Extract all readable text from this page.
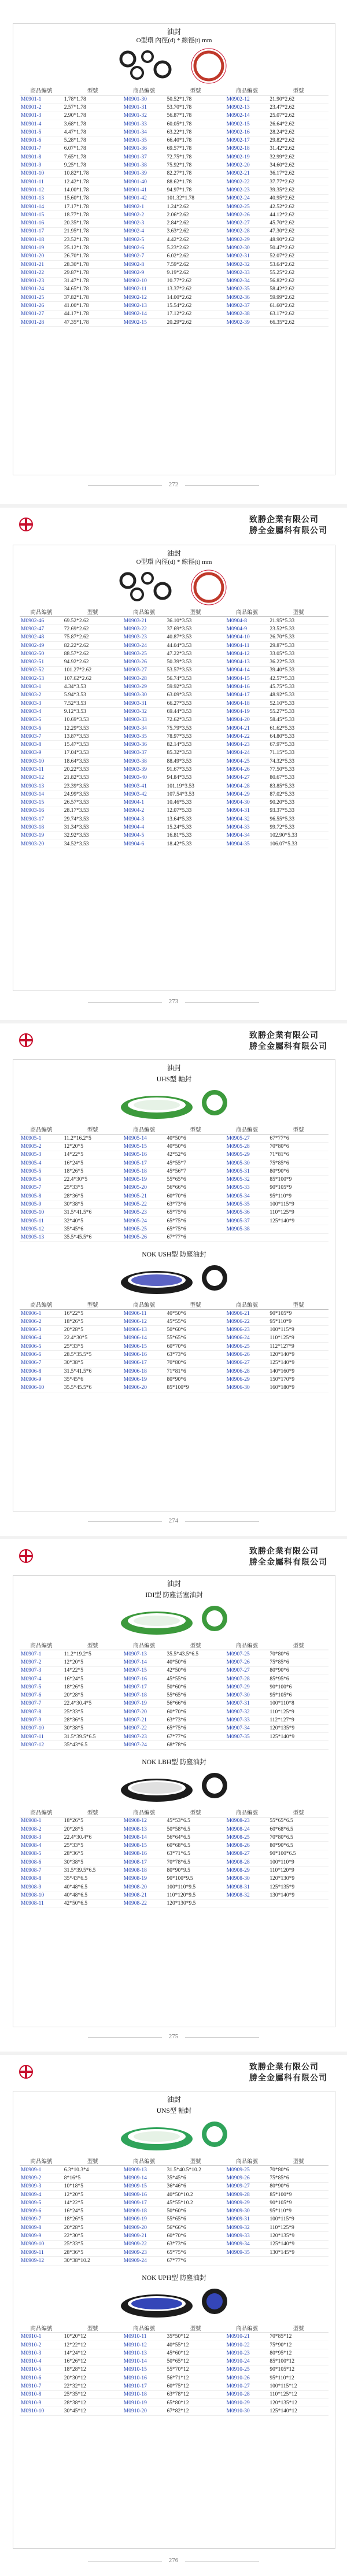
油封
O型環 內徑(d) * 線徑(t) mm
商品編號	型號	商品編號	型號	商品編號	型號
M0901-1	1.78*1.78	M0901-30	50.52*1.78	M0902-12	21.90*2.62
M0901-2	2.57*1.78	M0901-31	53.70*1.78	M0902-13	23.47*2.62
M0901-3	2.90*1.78	M0901-32	56.87*1.78	M0902-14	25.07*2.62
M0901-4	3.68*1.78	M0901-33	60.05*1.78	M0902-15	26.64*2.62
M0901-5	4.47*1.78	M0901-34	63.22*1.78	M0902-16	28.24*2.62
M0901-6	5.28*1.78	M0901-35	66.40*1.78	M0902-17	29.82*2.62
M0901-7	6.07*1.78	M0901-36	69.57*1.78	M0902-18	31.42*2.62
M0901-8	7.65*1.78	M0901-37	72.75*1.78	M0902-19	32.99*2.62
M0901-9	9.25*1.78	M0901-38	75.92*1.78	M0902-20	34.60*2.62
M0901-10	10.82*1.78	M0901-39	82.27*1.78	M0902-21	36.17*2.62
M0901-11	12.42*1.78	M0901-40	88.62*1.78	M0902-22	37.77*2.62
M0901-12	14.00*1.78	M0901-41	94.97*1.78	M0902-23	39.35*2.62
M0901-13	15.60*1.78	M0901-42	101.32*1.78	M0902-24	40.95*2.62
M0901-14	17.17*1.78	M0902-1	1.24*2.62	M0902-25	42.52*2.62
M0901-15	18.77*1.78	M0902-2	2.06*2.62	M0902-26	44.12*2.62
M0901-16	20.35*1.78	M0902-3	2.84*2.62	M0902-27	45.70*2.62
M0901-17	21.95*1.78	M0902-4	3.63*2.62	M0902-28	47.30*2.62
M0901-18	23.52*1.78	M0902-5	4.42*2.62	M0902-29	48.90*2.62
M0901-19	25.12*1.78	M0902-6	5.23*2.62	M0902-30	50.47*2.62
M0901-20	26.70*1.78	M0902-7	6.02*2.62	M0902-31	52.07*2.62
M0901-21	28.30*1.78	M0902-8	7.59*2.62	M0902-32	53.64*2.62
M0901-22	29.87*1.78	M0902-9	9.19*2.62	M0902-33	55.25*2.62
M0901-23	31.47*1.78	M0902-10	10.77*2.62	M0902-34	56.82*2.62
M0901-24	34.65*1.78	M0902-11	13.37*2.62	M0902-35	58.42*2.62
M0901-25	37.82*1.78	M0902-12	14.00*2.62	M0902-36	59.99*2.62
M0901-26	41.00*1.78	M0902-13	15.54*2.62	M0902-37	61.60*2.62
M0901-27	44.17*1.78	M0902-14	17.12*2.62	M0902-38	63.17*2.62
M0901-28	47.35*1.78	M0902-15	20.29*2.62	M0902-39	66.35*2.62
272
致勝企業有限公司
勝全金屬科有限公司
油封
O型環 內徑(d) * 線徑(t) mm
商品編號	型號	商品編號	型號	商品編號	型號
M0902-46	69.52*2.62	M0903-21	36.10*3.53	M0904-8	21.95*5.33
M0902-47	72.69*2.62	M0903-22	37.69*3.53	M0904-9	23.52*5.33
M0902-48	75.87*2.62	M0903-23	40.87*3.53	M0904-10	26.70*5.33
M0902-49	82.22*2.62	M0903-24	44.04*3.53	M0904-11	29.87*5.33
M0902-50	88.57*2.62	M0903-25	47.22*3.53	M0904-12	33.05*5.33
M0902-51	94.92*2.62	M0903-26	50.39*3.53	M0904-13	36.22*5.33
M0902-52	101.27*2.62	M0903-27	53.57*3.53	M0904-14	39.40*5.33
M0902-53	107.62*2.62	M0903-28	56.74*3.53	M0904-15	42.57*5.33
M0903-1	4.34*3.53	M0903-29	59.92*3.53	M0904-16	45.75*5.33
M0903-2	5.94*3.53	M0903-30	63.09*3.53	M0904-17	48.92*5.33
M0903-3	7.52*3.53	M0903-31	66.27*3.53	M0904-18	52.10*5.33
M0903-4	9.12*3.53	M0903-32	69.44*3.53	M0904-19	55.27*5.33
M0903-5	10.69*3.53	M0903-33	72.62*3.53	M0904-20	58.45*5.33
M0903-6	12.29*3.53	M0903-34	75.79*3.53	M0904-21	61.62*5.33
M0903-7	13.87*3.53	M0903-35	78.97*3.53	M0904-22	64.80*5.33
M0903-8	15.47*3.53	M0903-36	82.14*3.53	M0904-23	67.97*5.33
M0903-9	17.04*3.53	M0903-37	85.32*3.53	M0904-24	71.15*5.33
M0903-10	18.64*3.53	M0903-38	88.49*3.53	M0904-25	74.32*5.33
M0903-11	20.22*3.53	M0903-39	91.67*3.53	M0904-26	77.50*5.33
M0903-12	21.82*3.53	M0903-40	94.84*3.53	M0904-27	80.67*5.33
M0903-13	23.39*3.53	M0903-41	101.19*3.53	M0904-28	83.85*5.33
M0903-14	24.99*3.53	M0903-42	107.54*3.53	M0904-29	87.02*5.33
M0903-15	26.57*3.53	M0904-1	10.46*5.33	M0904-30	90.20*5.33
M0903-16	28.17*3.53	M0904-2	12.07*5.33	M0904-31	93.37*5.33
M0903-17	29.74*3.53	M0904-3	13.64*5.33	M0904-32	96.55*5.33
M0903-18	31.34*3.53	M0904-4	15.24*5.33	M0904-33	99.72*5.33
M0903-19	32.92*3.53	M0904-5	16.81*5.33	M0904-34	102.90*5.33
M0903-20	34.52*3.53	M0904-6	18.42*5.33	M0904-35	106.07*5.33
273
致勝企業有限公司
勝全金屬科有限公司
油封
UHS型 軸封
商品編號	型號	商品編號	型號	商品編號	型號
M0905-1	11.2*16.2*5	M0905-14	40*50*6	M0905-27	67*77*6
M0905-2	12*20*5	M0905-15	40*50*6	M0905-28	70*80*6
M0905-3	14*22*5	M0905-16	42*52*6	M0905-29	71*81*6
M0905-4	16*24*5	M0905-17	45*55*7	M0905-30	75*85*6
M0905-5	18*26*5	M0905-18	45*56*7	M0905-31	80*90*6
M0905-6	22.4*30*5	M0905-19	55*65*6	M0905-32	85*100*9
M0905-7	25*33*5	M0905-20	56*66*6	M0905-33	90*105*9
M0905-8	28*36*5	M0905-21	60*70*6	M0905-34	95*110*9
M0905-9	30*38*5	M0905-22	63*73*6	M0905-35	100*115*9
M0905-10	31.5*41.5*6	M0905-23	65*75*6	M0905-36	110*125*9
M0905-11	32*40*5	M0905-24	65*75*6	M0905-37	125*140*9
M0905-12	35*45*6	M0905-25	65*75*6	M0905-38	
M0905-13	35.5*45.5*6	M0905-26	67*77*6		
NOK USH型 防塵油封
商品編號	型號	商品編號	型號	商品編號	型號
M0906-1	16*22*5	M0906-11	40*50*6	M0906-21	90*105*9
M0906-2	18*26*5	M0906-12	45*55*6	M0906-22	95*110*9
M0906-3	20*28*5	M0906-13	50*60*6	M0906-23	100*115*9
M0906-4	22.4*30*5	M0906-14	55*65*6	M0906-24	110*125*9
M0906-5	25*33*5	M0906-15	60*70*6	M0906-25	112*127*9
M0906-6	28.5*35.5*5	M0906-16	63*73*6	M0906-26	120*140*9
M0906-7	30*38*5	M0906-17	70*80*6	M0906-27	125*140*9
M0906-8	31.5*41.5*6	M0906-18	71*81*6	M0906-28	140*160*9
M0906-9	35*45*6	M0906-19	80*90*6	M0906-29	150*170*9
M0906-10	35.5*45.5*6	M0906-20	85*100*9	M0906-30	160*180*9
274
致勝企業有限公司
勝全金屬科有限公司
油封
IDI型 防塵活塞油封
商品編號	型號	商品編號	型號	商品編號	型號
M0907-1	11.2*19.2*5	M0907-13	35.5*43.5*6.5	M0907-25	70*80*6
M0907-2	12*20*5	M0907-14	40*50*6	M0907-26	75*85*6
M0907-3	14*22*5	M0907-15	42*50*6	M0907-27	80*90*6
M0907-4	16*24*5	M0907-16	45*55*6	M0907-28	85*95*6
M0907-5	18*26*5	M0907-17	50*60*6	M0907-29	90*100*6
M0907-6	20*28*5	M0907-18	55*65*6	M0907-30	95*105*6
M0907-7	22.4*30.4*5	M0907-19	56*66*6	M0907-31	100*110*8
M0907-8	25*33*5	M0907-20	60*70*6	M0907-32	110*125*9
M0907-9	28*36*5	M0907-21	63*73*6	M0907-33	112*127*9
M0907-10	30*38*5	M0907-22	65*75*6	M0907-34	120*135*9
M0907-11	31.5*39.5*6.5	M0907-23	67*77*6	M0907-35	125*140*9
M0907-12	35*43*6.5	M0907-24	68*78*6		
NOK LBH型 防塵油封
商品編號	型號	商品編號	型號	商品編號	型號
M0908-1	18*26*5	M0908-12	45*53*6.5	M0908-23	55*65*6.5
M0908-2	20*28*5	M0908-13	50*58*6.5	M0908-24	60*68*6.5
M0908-3	22.4*30.4*6	M0908-14	56*64*6.5	M0908-25	70*80*6.5
M0908-4	25*33*5	M0908-15	60*68*6.5	M0908-26	80*90*6.5
M0908-5	28*36*5	M0908-16	63*71*6.5	M0908-27	90*100*6.5
M0908-6	30*38*5	M0908-17	70*78*6.5	M0908-28	100*110*9
M0908-7	31.5*39.5*6.5	M0908-18	80*90*9.5	M0908-29	110*120*9
M0908-8	35*43*6.5	M0908-19	90*100*9.5	M0908-30	120*130*9
M0908-9	40*48*6.5	M0908-20	100*110*9.5	M0908-31	125*135*9
M0908-10	40*48*6.5	M0908-21	110*120*9.5	M0908-32	130*140*9
M0908-11	42*50*6.5	M0908-22	120*130*9.5		
275
致勝企業有限公司
勝全金屬科有限公司
油封
UNS型 軸封
商品編號	型號	商品編號	型號	商品編號	型號
M0909-1	6.3*10.3*4	M0909-13	31.5*40.5*10.2	M0909-25	70*80*6
M0909-2	8*16*5	M0909-14	35*45*6	M0909-26	75*85*6
M0909-3	10*18*5	M0909-15	36*46*6	M0909-27	80*90*6
M0909-4	12*20*5	M0909-16	40*50*10.2	M0909-28	85*100*9
M0909-5	14*22*5	M0909-17	45*55*10.2	M0909-29	90*105*9
M0909-6	16*24*5	M0909-18	50*60*6	M0909-30	95*110*9
M0909-7	18*26*5	M0909-19	55*65*6	M0909-31	100*115*9
M0909-8	20*28*5	M0909-20	56*66*6	M0909-32	110*125*9
M0909-9	22*30*5	M0909-21	60*70*6	M0909-33	120*135*9
M0909-10	25*33*5	M0909-22	63*73*6	M0909-34	125*140*9
M0909-11	28*36*5	M0909-23	65*75*6	M0909-35	130*145*9
M0909-12	30*38*10.2	M0909-24	67*77*6		
NOK UPH型 防塵油封
商品編號	型號	商品編號	型號	商品編號	型號
M0910-1	10*20*12	M0910-11	35*50*12	M0910-21	70*85*12
M0910-2	12*22*12	M0910-12	40*55*12	M0910-22	75*90*12
M0910-3	14*24*12	M0910-13	45*60*12	M0910-23	80*95*12
M0910-4	16*26*12	M0910-14	50*65*12	M0910-24	85*100*12
M0910-5	18*28*12	M0910-15	55*70*12	M0910-25	90*105*12
M0910-6	20*30*12	M0910-16	56*71*12	M0910-26	95*110*12
M0910-7	22*32*12	M0910-17	60*75*12	M0910-27	100*115*12
M0910-8	25*35*12	M0910-18	63*78*12	M0910-28	110*125*12
M0910-9	28*38*12	M0910-19	65*80*12	M0910-29	120*135*12
M0910-10	30*45*12	M0910-20	67*82*12	M0910-30	125*140*12
276
